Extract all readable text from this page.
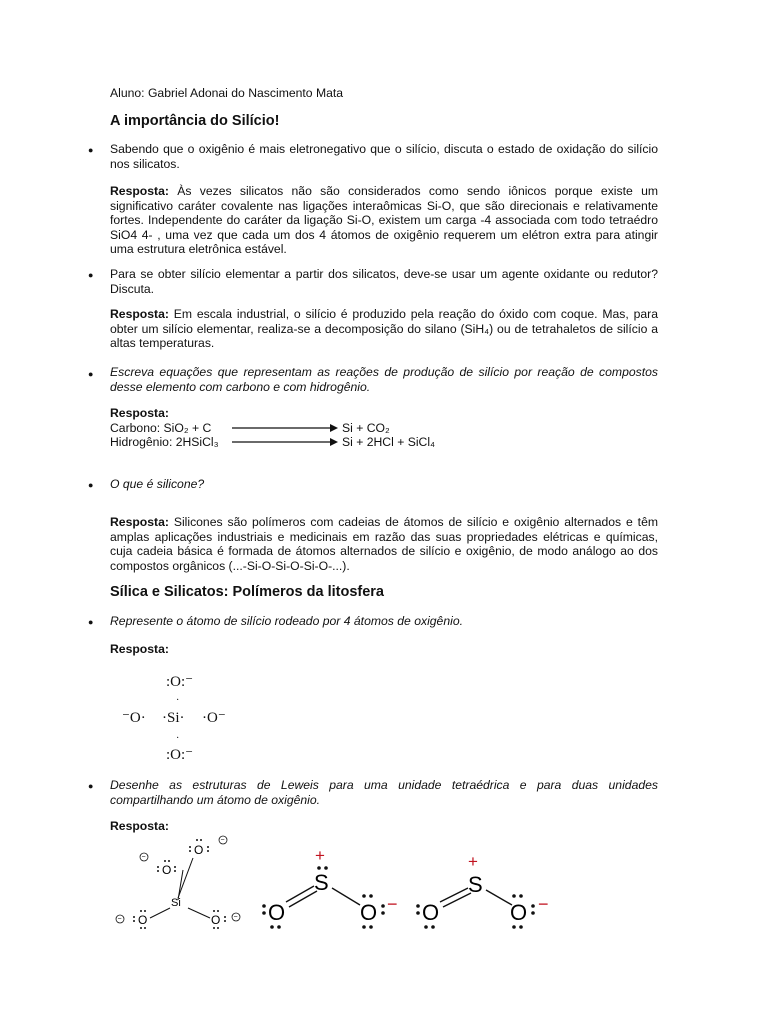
Aluno: Gabriel Adonai do Nascimento Mata
A importância do Silício!
● Sabendo que o oxigênio é mais eletronegativo que o silício, discuta o estado de oxidação do silício nos silicatos.
Resposta: Às vezes silicatos não são considerados como sendo iônicos porque existe um significativo caráter covalente nas ligações interaômicas Si-O, que são direcionais e relativamente fortes. Independente do caráter da ligação Si-O, existem um carga -4 associada com todo tetraédro SiO4 4- , uma vez que cada um dos 4 átomos de oxigênio requerem um elétron extra para atingir uma estrutura eletrônica estável.
● Para se obter silício elementar a partir dos silicatos, deve-se usar um agente oxidante ou redutor? Discuta.
Resposta: Em escala industrial, o silício é produzido pela reação do óxido com coque. Mas, para obter um silício elementar, realiza-se a decomposição do silano (SiH₄) ou de tetrahaletos de silício a altas temperaturas.
● Escreva equações que representam as reações de produção de silício por reação de compostos desse elemento com carbono e com hidrogênio.
Resposta:
Carbono: SiO₂ + C	Si + CO₂
Hidrogênio: 2HSiCl₃	Si + 2HCl + SiCl₄
● O que é silicone?
Resposta: Silicones são polímeros com cadeias de átomos de silício e oxigênio alternados e têm amplas aplicações industriais e medicinais em razão das suas propriedades elétricas e químicas, cuja cadeia básica é formada de átomos alternados de silício e oxigênio, de modo análogo ao dos compostos orgânicos (...-Si-O-Si-O-Si-O-...).
Sílica e Silicatos: Polímeros da litosfera
● Represente o átomo de silício rodeado por 4 átomos de oxigênio.
Resposta:
:O:⁻
·
⁻O· ·Si· ·O⁻
·
:O:⁻
● Desenhe as estruturas de Leweis para uma unidade tetraédrica e para duas unidades compartilhando um átomo de oxigênio.
Resposta:
O
O
Si
O	O
−
−
−	−
+
S
O	O −
+
S
O	O −
